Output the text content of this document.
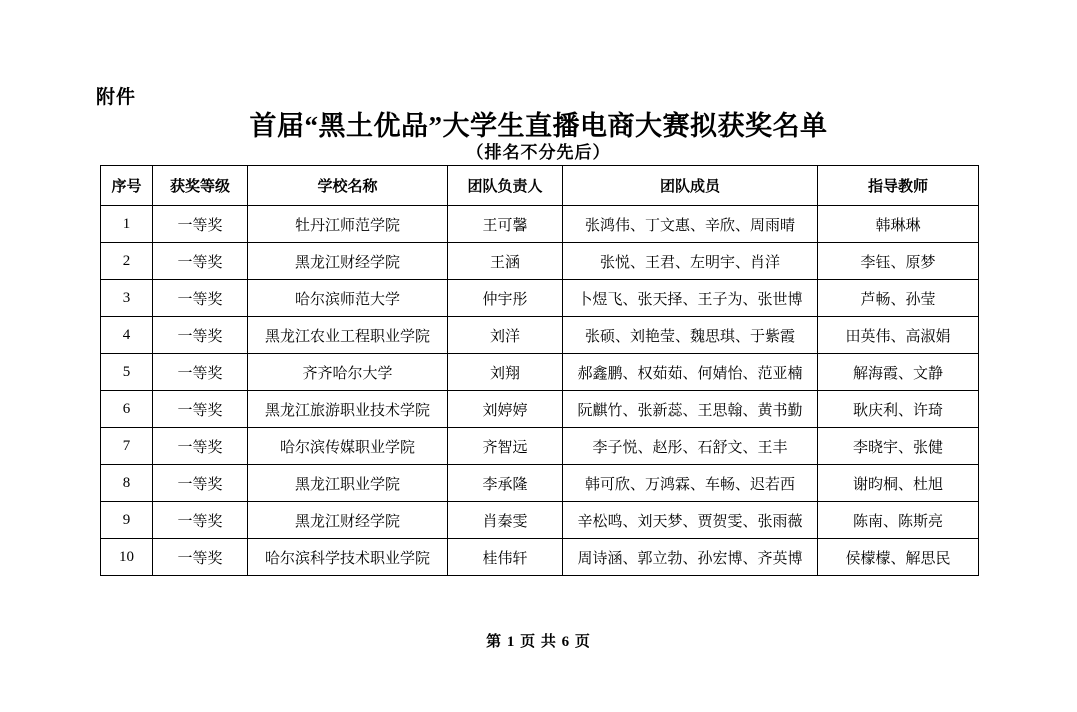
附件
首届“黑土优品”大学生直播电商大赛拟获奖名单
（排名不分先后）
序号	获奖等级	学校名称	团队负责人	团队成员	指导教师
1	一等奖	牡丹江师范学院	王可馨	张鸿伟、丁文惠、辛欣、周雨晴	韩琳琳
2	一等奖	黑龙江财经学院	王涵	张悦、王君、左明宇、肖洋	李钰、原梦
3	一等奖	哈尔滨师范大学	仲宇彤	卜煜飞、张天择、王子为、张世博	芦畅、孙莹
4	一等奖	黑龙江农业工程职业学院	刘洋	张硕、刘艳莹、魏思琪、于紫霞	田英伟、高淑娟
5	一等奖	齐齐哈尔大学	刘翔	郝鑫鹏、权茹茹、何婧怡、范亚楠	解海霞、文静
6	一等奖	黑龙江旅游职业技术学院	刘婷婷	阮麒竹、张新蕊、王思翰、黄书勤	耿庆利、许琦
7	一等奖	哈尔滨传媒职业学院	齐智远	李子悦、赵彤、石舒文、王丰	李晓宇、张健
8	一等奖	黑龙江职业学院	李承隆	韩可欣、万鸿霖、车畅、迟若西	谢昀桐、杜旭
9	一等奖	黑龙江财经学院	肖秦雯	辛松鸣、刘天梦、贾贺雯、张雨薇	陈南、陈斯亮
10	一等奖	哈尔滨科学技术职业学院	桂伟轩	周诗涵、郭立勃、孙宏博、齐英博	侯檬檬、解思民
第 1 页 共 6 页
